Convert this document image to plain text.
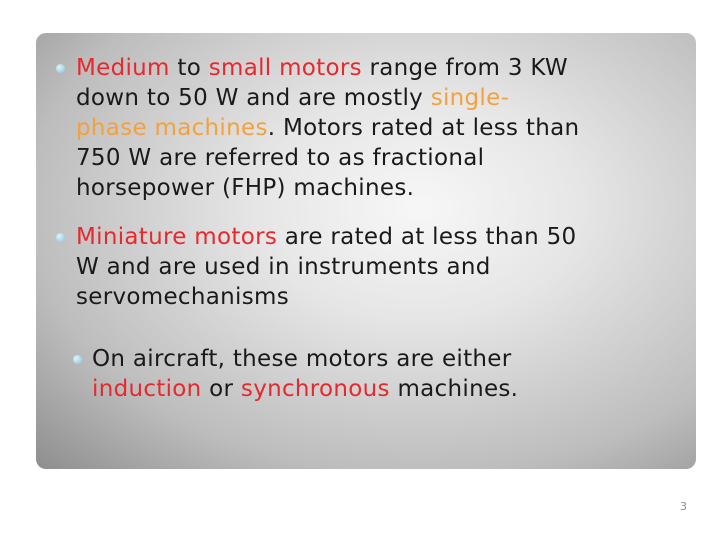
Medium to small motors range from 3 KW
down to 50 W and are mostly single-
phase machines. Motors rated at less than
750 W are referred to as fractional
horsepower (FHP) machines.
Miniature motors are rated at less than 50
W and are used in instruments and
servomechanisms
On aircraft, these motors are either
induction or synchronous machines.
3
